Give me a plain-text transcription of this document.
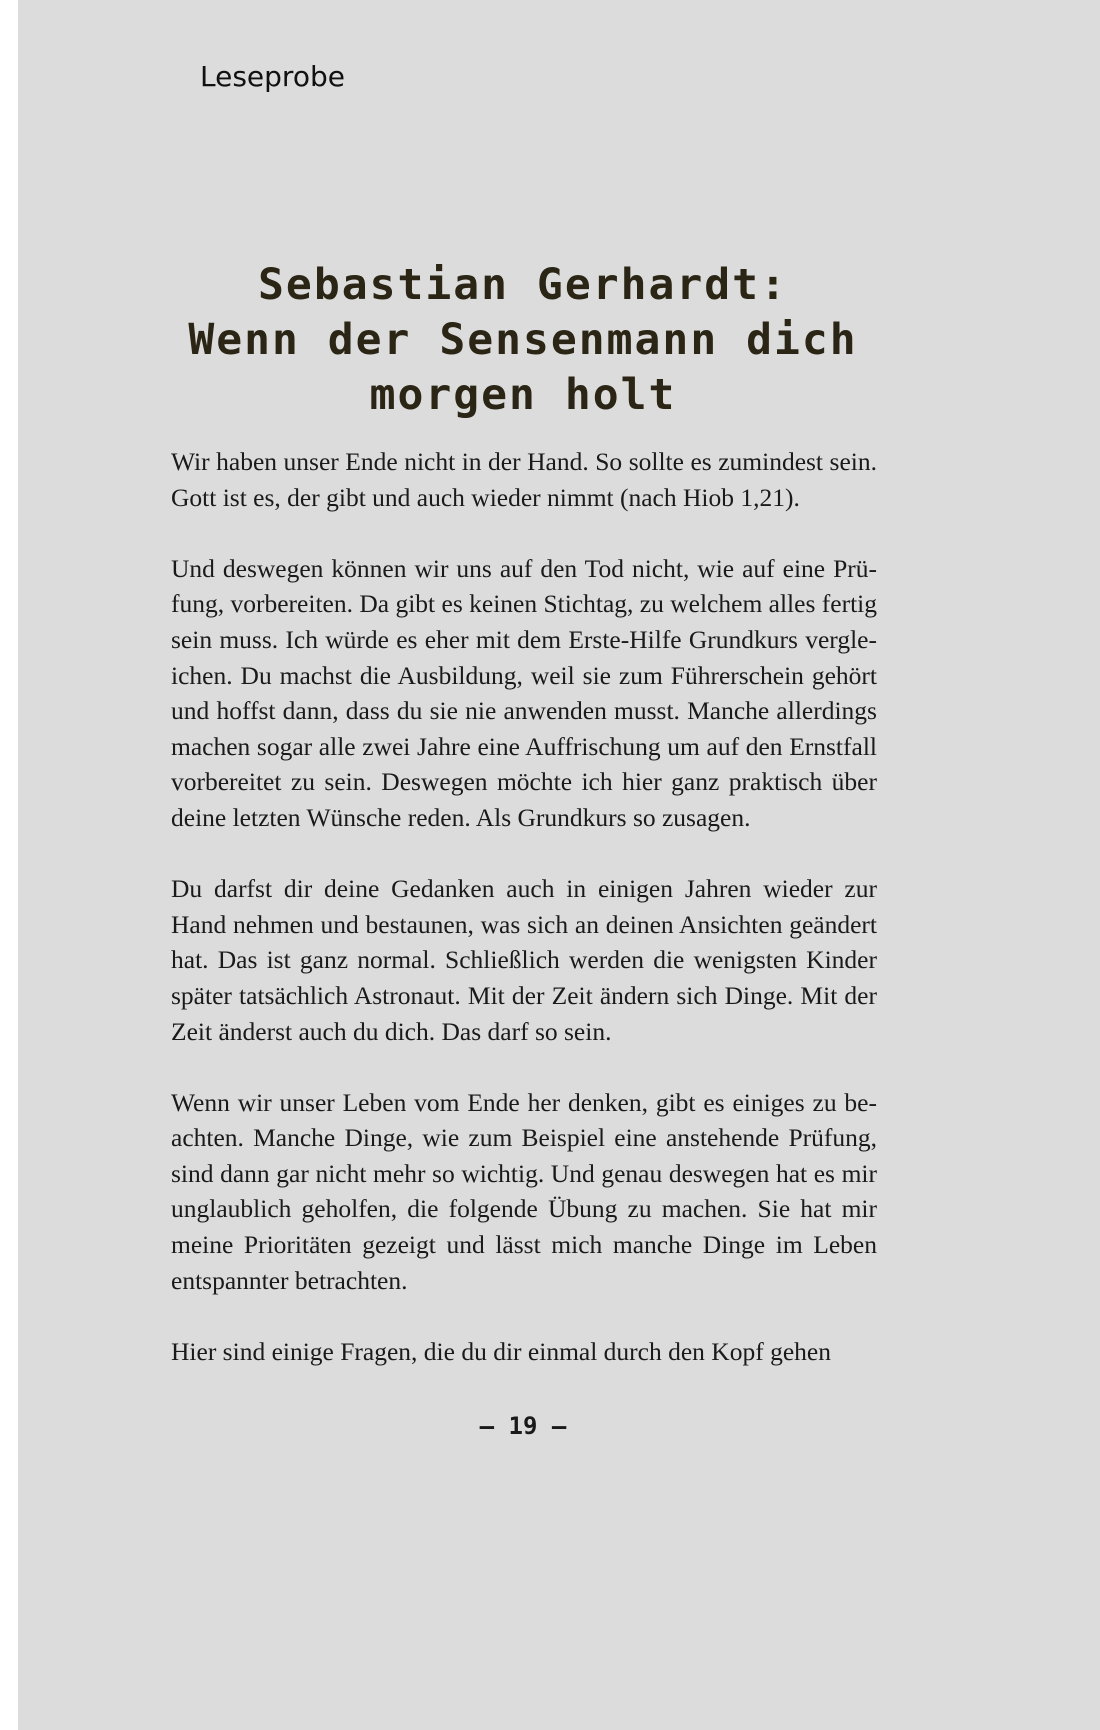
Leseprobe

Sebastian Gerhardt:
Wenn der Sensenmann dich
morgen holt

Wir haben unser Ende nicht in der Hand. So sollte es zumindest sein. Gott ist es, der gibt und auch wieder nimmt (nach Hiob 1,21).

Und deswegen können wir uns auf den Tod nicht, wie auf eine Prüfung, vorbereiten. Da gibt es keinen Stichtag, zu welchem alles fertig sein muss. Ich würde es eher mit dem Erste-Hilfe Grundkurs vergleichen. Du machst die Ausbildung, weil sie zum Führerschein gehört und hoffst dann, dass du sie nie anwenden musst. Manche allerdings machen sogar alle zwei Jahre eine Auffrischung um auf den Ernstfall vorbereitet zu sein. Deswegen möchte ich hier ganz praktisch über deine letzten Wünsche reden. Als Grundkurs so zusagen.

Du darfst dir deine Gedanken auch in einigen Jahren wieder zur Hand nehmen und bestaunen, was sich an deinen Ansichten geändert hat. Das ist ganz normal. Schließlich werden die wenigsten Kinder später tatsächlich Astronaut. Mit der Zeit ändern sich Dinge. Mit der Zeit änderst auch du dich. Das darf so sein.

Wenn wir unser Leben vom Ende her denken, gibt es einiges zu beachten. Manche Dinge, wie zum Beispiel eine anstehende Prüfung, sind dann gar nicht mehr so wichtig. Und genau deswegen hat es mir unglaublich geholfen, die folgende Übung zu machen. Sie hat mir meine Prioritäten gezeigt und lässt mich manche Dinge im Leben entspannter betrachten.

Hier sind einige Fragen, die du dir einmal durch den Kopf gehen

– 19 –
